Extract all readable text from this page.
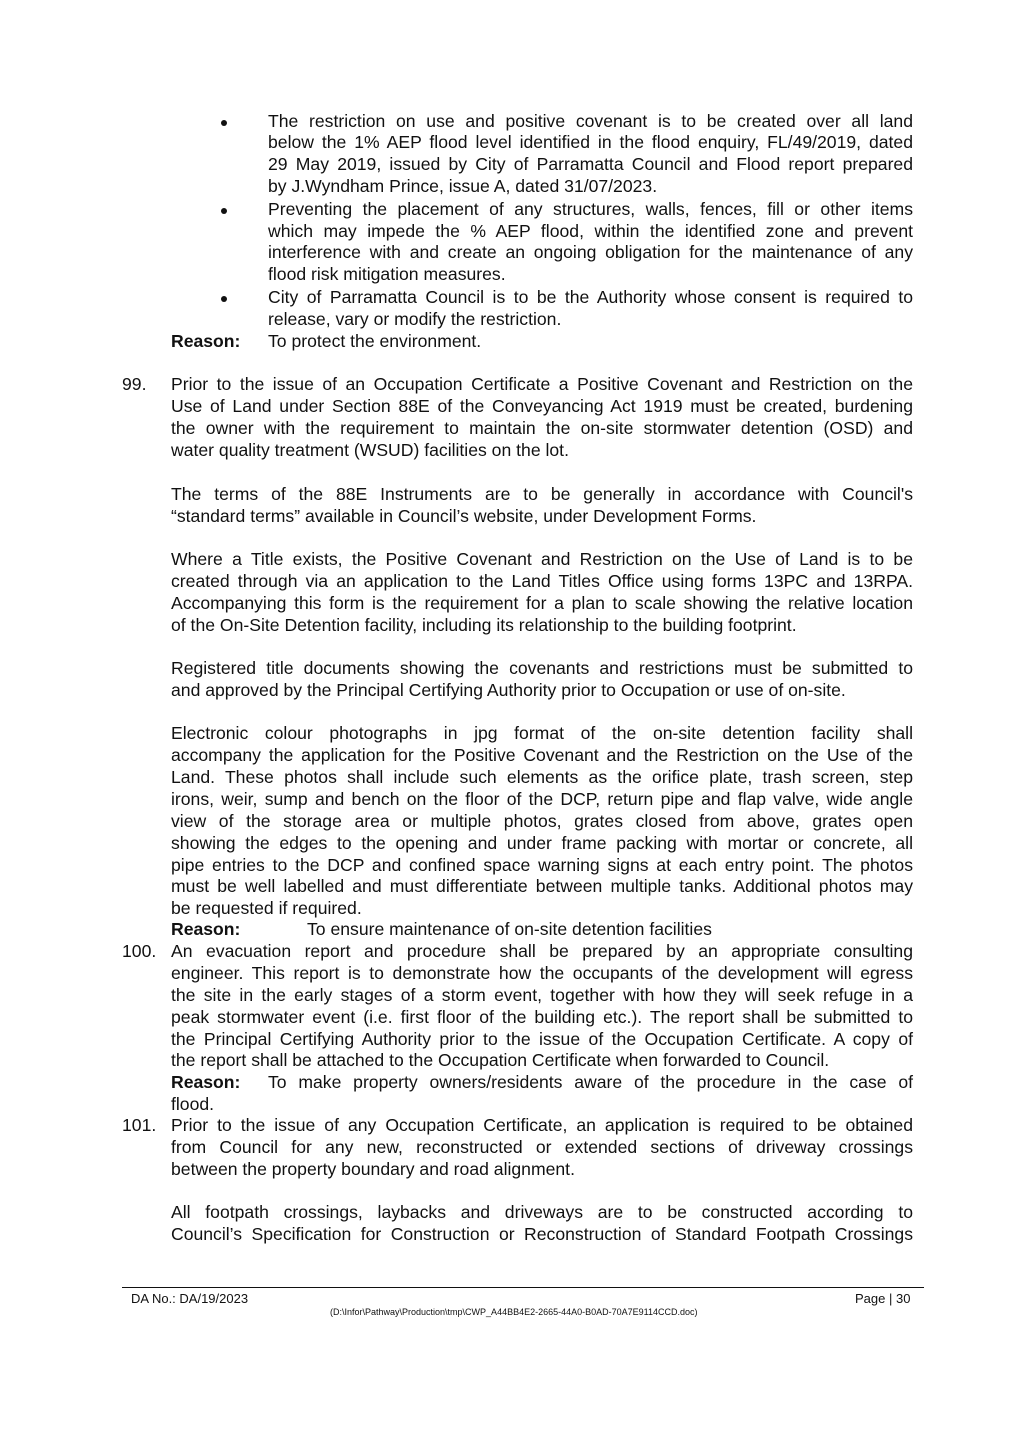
The restriction on use and positive covenant is to be created over all land
below the 1% AEP flood level identified in the flood enquiry, FL/49/2019, dated
29 May 2019, issued by City of Parramatta Council and Flood report prepared
by J.Wyndham Prince, issue A, dated 31/07/2023.
Preventing the placement of any structures, walls, fences, fill or other items
which may impede the % AEP flood, within the identified zone and prevent
interference with and create an ongoing obligation for the maintenance of any
flood risk mitigation measures.
City of Parramatta Council is to be the Authority whose consent is required to
release, vary or modify the restriction.
Reason: To protect the environment.
99. Prior to the issue of an Occupation Certificate a Positive Covenant and Restriction on the
Use of Land under Section 88E of the Conveyancing Act 1919 must be created, burdening
the owner with the requirement to maintain the on-site stormwater detention (OSD) and
water quality treatment (WSUD) facilities on the lot.
The terms of the 88E Instruments are to be generally in accordance with Council's
“standard terms” available in Council’s website, under Development Forms.
Where a Title exists, the Positive Covenant and Restriction on the Use of Land is to be
created through via an application to the Land Titles Office using forms 13PC and 13RPA.
Accompanying this form is the requirement for a plan to scale showing the relative location
of the On-Site Detention facility, including its relationship to the building footprint.
Registered title documents showing the covenants and restrictions must be submitted to
and approved by the Principal Certifying Authority prior to Occupation or use of on-site.
Electronic colour photographs in jpg format of the on-site detention facility shall
accompany the application for the Positive Covenant and the Restriction on the Use of the
Land. These photos shall include such elements as the orifice plate, trash screen, step
irons, weir, sump and bench on the floor of the DCP, return pipe and flap valve, wide angle
view of the storage area or multiple photos, grates closed from above, grates open
showing the edges to the opening and under frame packing with mortar or concrete, all
pipe entries to the DCP and confined space warning signs at each entry point. The photos
must be well labelled and must differentiate between multiple tanks. Additional photos may
be requested if required.
Reason:	To ensure maintenance of on-site detention facilities
100. An evacuation report and procedure shall be prepared by an appropriate consulting
engineer. This report is to demonstrate how the occupants of the development will egress
the site in the early stages of a storm event, together with how they will seek refuge in a
peak stormwater event (i.e. first floor of the building etc.). The report shall be submitted to
the Principal Certifying Authority prior to the issue of the Occupation Certificate. A copy of
the report shall be attached to the Occupation Certificate when forwarded to Council.
Reason: To make property owners/residents aware of the procedure in the case of
flood.
101. Prior to the issue of any Occupation Certificate, an application is required to be obtained
from Council for any new, reconstructed or extended sections of driveway crossings
between the property boundary and road alignment.
All footpath crossings, laybacks and driveways are to be constructed according to
Council’s Specification for Construction or Reconstruction of Standard Footpath Crossings
DA No.: DA/19/2023	Page | 30
(D:\Infor\Pathway\Production\tmp\CWP_A44BB4E2-2665-44A0-B0AD-70A7E9114CCD.doc)
